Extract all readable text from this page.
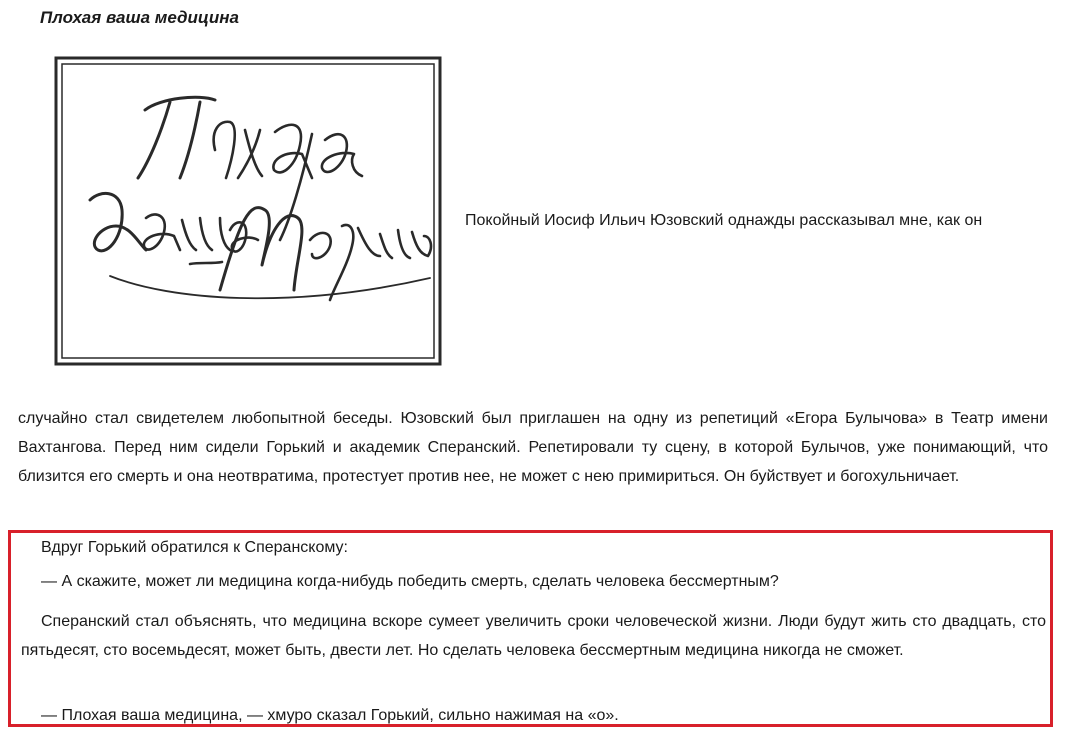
Плохая ваша медицина

Покойный Иосиф Ильич Юзовский однажды рассказывал мне, как он

случайно стал свидетелем любопытной беседы. Юзовский был приглашен на одну из репетиций «Егора Булычова» в Театр имени Вахтангова. Перед ним сидели Горький и академик Сперанский. Репетировали ту сцену, в которой Булычов, уже понимающий, что близится его смерть и она неотвратима, протестует против нее, не может с нею примириться. Он буйствует и богохульничает.

Вдруг Горький обратился к Сперанскому:

— А скажите, может ли медицина когда-нибудь победить смерть, сделать человека бессмертным?

Сперанский стал объяснять, что медицина вскоре сумеет увеличить сроки человеческой жизни. Люди будут жить сто двадцать, сто пятьдесят, сто восемьдесят, может быть, двести лет. Но сделать человека бессмертным медицина никогда не сможет.

— Плохая ваша медицина, — хмуро сказал Горький, сильно нажимая на «о».
